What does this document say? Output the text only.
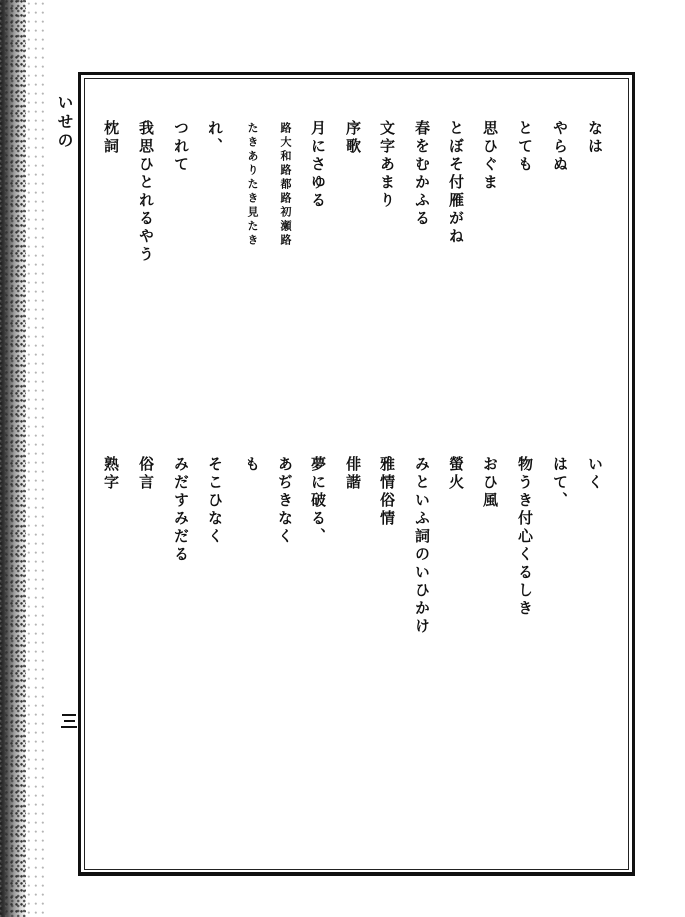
いせの	なは
やらぬ
とても
思ひぐま
とぼそ付雁がね
春をむかふる
文字あまり
序歌
月にさゆる
路大和路都路初瀬路
たきありたき見たき
れ、
つれて
我思ひとれるやう
枕詞
いく
はて、
物うき付心くるしき
おひ風
螢火
みといふ詞のいひかけ
雅情俗情
俳諧
夢に破る、
あぢきなく
も
そこひなく
みだすみだる
俗言
熟字
